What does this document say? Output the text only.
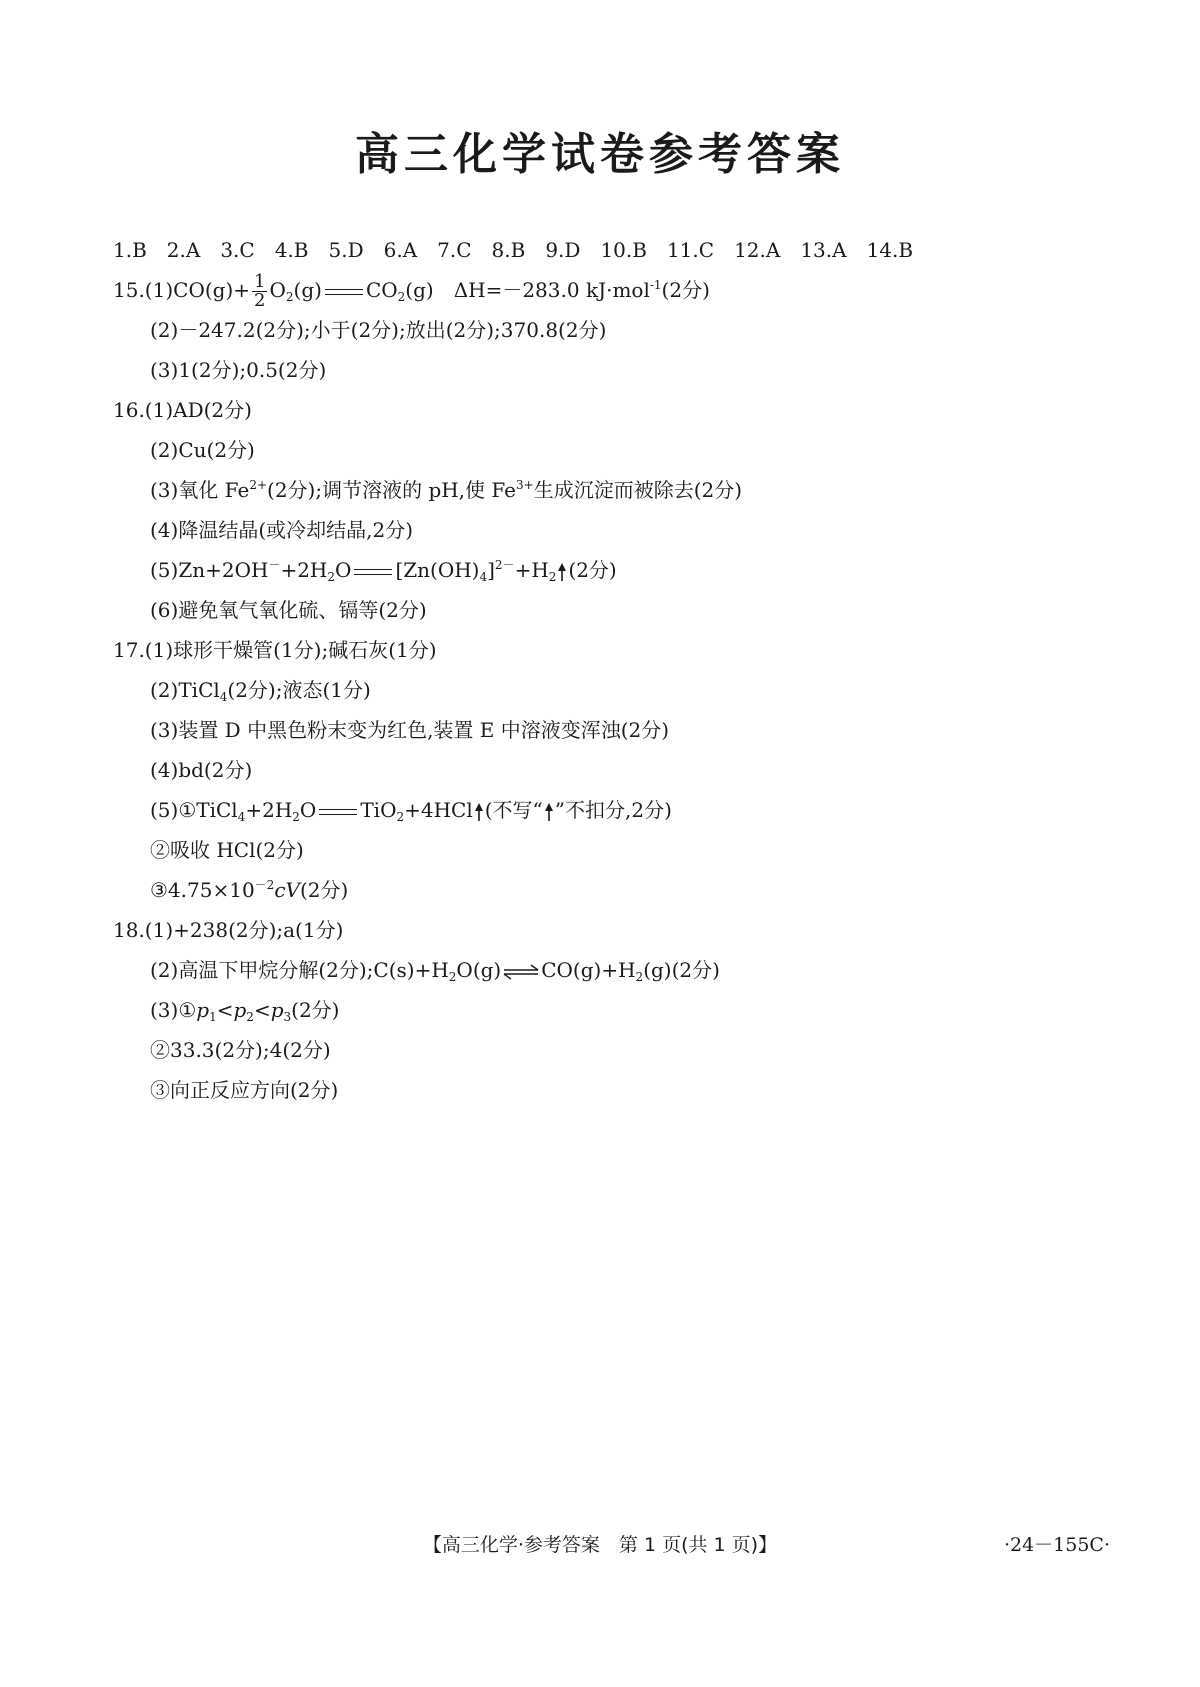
高三化学试卷参考答案
1.B 2.A 3.C 4.B 5.D 6.A 7.C 8.B 9.D 10.B 11.C 12.A 13.A 14.B
$15.(1)CO(g)+ \frac{1}{2} O_2(g)$ $CO_2(g)$　ΔH=－283.0 kJ·mol$^{-1}$(2分)
(2)－247.2(2分);小于(2分);放出(2分);370.8(2分)
(3)1(2分);0.5(2分)
16.(1)AD(2分)
(2)Cu(2分)
(3)氧化 $Fe^{2+}(2$分);调节溶液的 pH,使 $Fe^{3+}$生成沉淀而被除去(2分)
(4)降温结晶(或冷却结晶,2分)
$(5)Zn+2OH^-+2H_2O$ $[Zn(OH)_4]^{2-}+H_2$ (2分)
(6)避免氧气氧化硫、镉等(2分)
17.(1)球形干燥管(1分);碱石灰(1分)
(2)TiCl$_4$(2分);液态(1分)
(3)装置 D 中黑色粉末变为红色,装置 E 中溶液变浑浊(2分)
(4)bd(2分)
$(5)①TiCl_4+2H_2O$ TiO$_2$+4HCl (不写“ ”不扣分,2分)
②吸收 HCl(2分)
$③4.75\times 10^{-2}cV(2$分)
18.(1)+238(2分);a(1分)
(2)高温下甲烷分解(2分)$;C(s)+H_2O(g)$ $CO(g)+H_2(g)(2$分)
$(3)①p_1<p_2<p_3(2$分)
②33.3(2分);4(2分)
③向正反应方向(2分)
【高三化学·参考答案　第 1 页(共 1 页)】	·24－155C·
